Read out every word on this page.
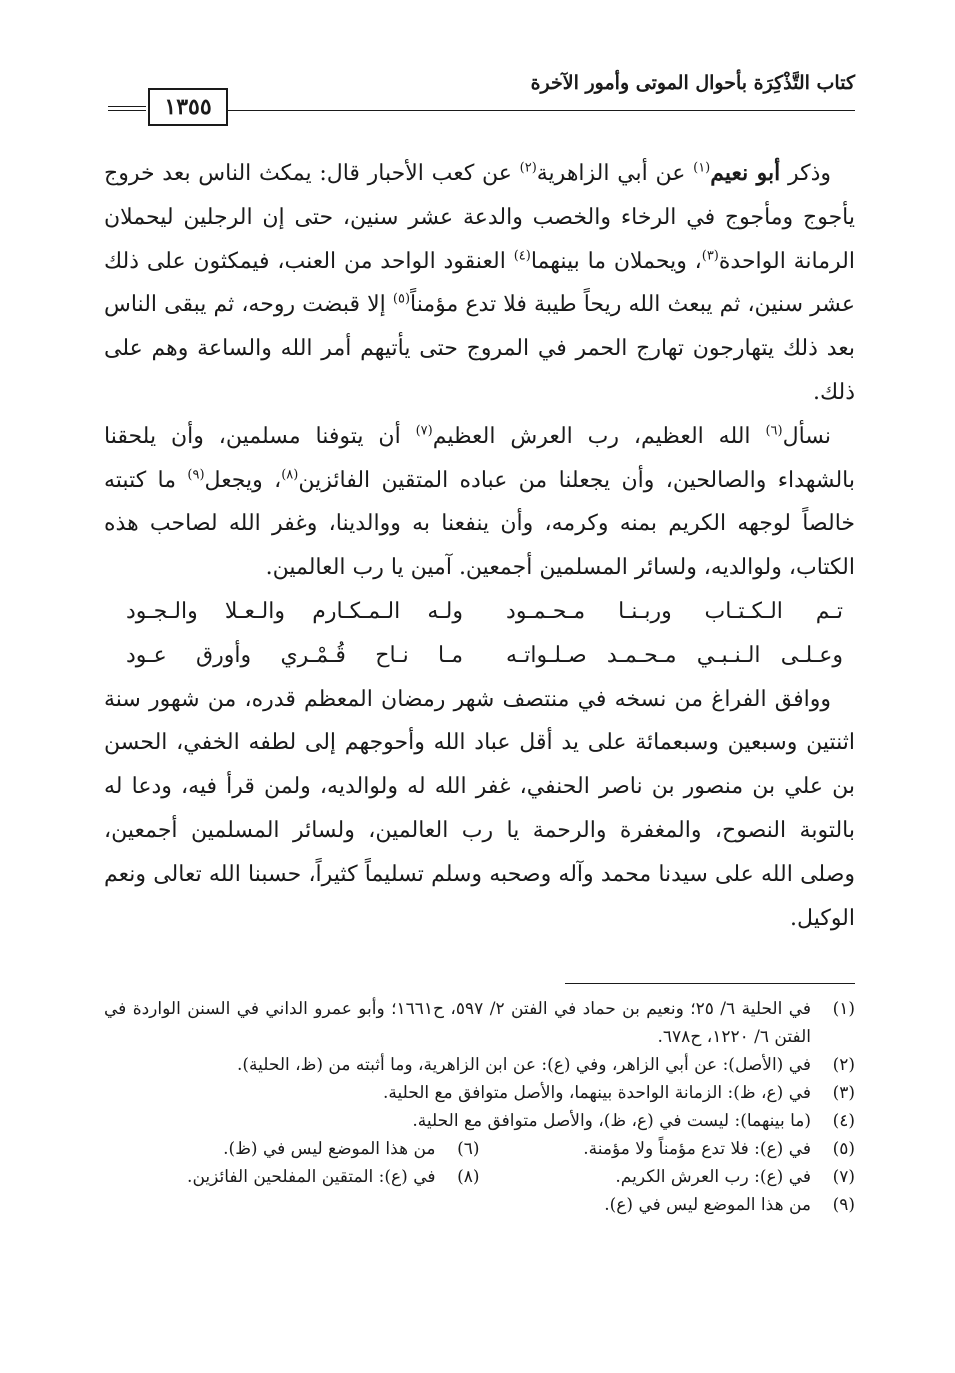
كتاب التَّذْكِرَة بأحوال الموتى وأمور الآخرة
١٣٥٥

وذكر أبو نعيم$^{(١)}$ عن أبي الزاهرية$^{(٢)}$ عن كعب الأحبار قال: يمكث الناس بعد خروج يأجوج ومأجوج في الرخاء والخصب والدعة عشر سنين، حتى إن الرجلين ليحملان الرمانة الواحدة$^{(٣)}$، ويحملان ما بينهما$^{(٤)}$ العنقود الواحد من العنب، فيمكثون على ذلك عشر سنين، ثم يبعث الله ريحاً طيبة فلا تدع مؤمناً$^{(٥)}$ إلا قبضت روحه، ثم يبقى الناس بعد ذلك يتهارجون تهارج الحمر في المروج حتى يأتيهم أمر الله والساعة وهم على ذلك.

نسأل$^{(٦)}$ الله العظيم، رب العرش العظيم$^{(٧)}$ أن يتوفنا مسلمين، وأن يلحقنا بالشهداء والصالحين، وأن يجعلنا من عباده المتقين الفائزين$^{(٨)}$، ويجعل$^{(٩)}$ ما كتبته خالصاً لوجهه الكريم بمنه وكرمه، وأن ينفعنا به ووالدينا، وغفر الله لصاحب هذه الكتاب، ولوالديه، ولسائر المسلمين أجمعين. آمين يا رب العالمين.

تـم الـكـتـاب وربـنـا مـحـمـود
ولـه الـمـكـارم والـعـلا والـجـود
وعـلـى الـنـبـي مـحـمـد صـلـواتـه
مـا نـاح قُـمْـري وأورق عـود

ووافق الفراغ من نسخه في منتصف شهر رمضان المعظم قدره، من شهور سنة اثنتين وسبعين وسبعمائة على يد أقل عباد الله وأحوجهم إلى لطفه الخفي، الحسن بن علي بن منصور بن ناصر الحنفي، غفر الله له ولوالديه، ولمن قرأ فيه، ودعا له بالتوبة النصوح، والمغفرة والرحمة يا رب العالمين، ولسائر المسلمين أجمعين، وصلى الله على سيدنا محمد وآله وصحبه وسلم تسليماً كثيراً، حسبنا الله تعالى ونعم الوكيل.

(١)
في الحلية ٦/ ٢٥؛ ونعيم بن حماد في الفتن ٢/ ٥٩٧، ح١٦٦١؛ وأبو عمرو الداني في السنن الواردة في الفتن ٦/ ١٢٢٠، ح٦٧٨.
(٢)
في (الأصل): عن أبي الزاهر، وفي (ع): عن ابن الزاهرية، وما أثبته من (ظ، الحلية).
(٣)
في (ع، ظ): الزمانة الواحدة بينهما، والأصل متوافق مع الحلية.
(٤)
(ما بينهما): ليست في (ع، ظ)، والأصل متوافق مع الحلية.
(٥)
في (ع): فلا تدع مؤمناً ولا مؤمنة.
(٦)
من هذا الموضع ليس في (ظ).
(٧)
في (ع): رب العرش الكريم.
(٨)
في (ع): المتقين المفلحين الفائزين.
(٩)
من هذا الموضع ليس في (ع).
